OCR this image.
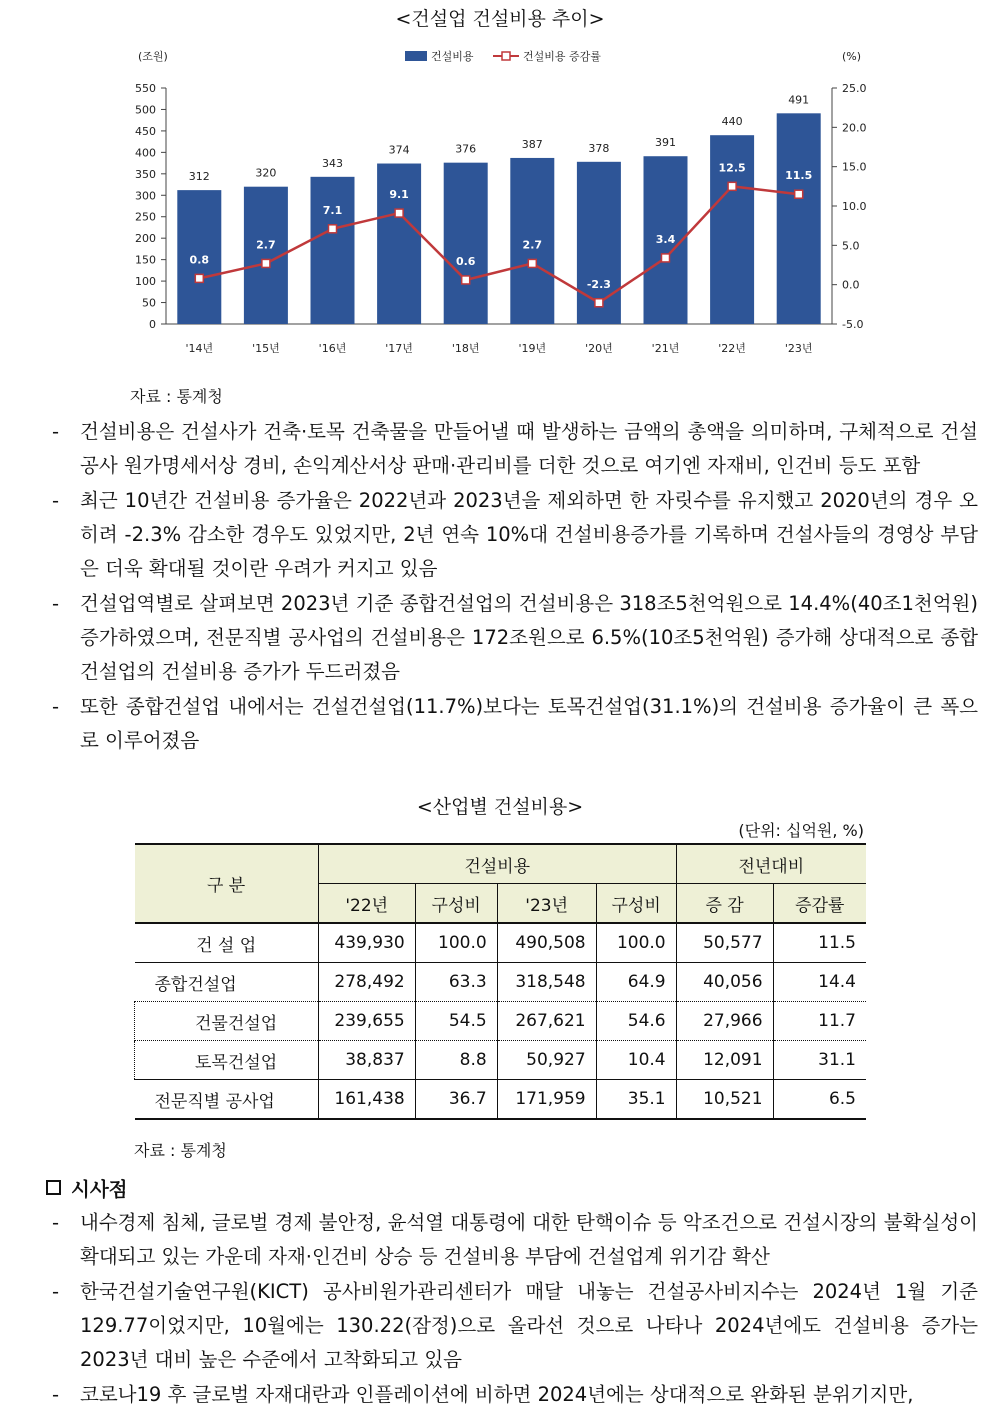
<건설업 건설비용 추이>
0
50
100
150
200
250
300
350
400
450
500
550
-5.0
0.0
5.0
10.0
15.0
20.0
25.0
(조원)	(%)
건설비용	건설비용 증감률
312
'14년
320
'15년
343
'16년
374
'17년
376
'18년
387
'19년
378
'20년
391
'21년
440
'22년
491
'23년
0.8
2.7
7.1
9.1
0.6
2.7
-2.3
3.4
12.5
11.5
자료 : 통계청

- 건설비용은 건설사가 건축·토목 건축물을 만들어낼 때 발생하는 금액의 총액을 의미하며, 구체적으로 건설공사 원가명세서상 경비, 손익계산서상 판매·관리비를 더한 것으로 여기엔 자재비, 인건비 등도 포함

- 최근 10년간 건설비용 증가율은 2022년과 2023년을 제외하면 한 자릿수를 유지했고 2020년의 경우 오히려 -2.3% 감소한 경우도 있었지만, 2년 연속 10%대 건설비용증가를 기록하며 건설사들의 경영상 부담은 더욱 확대될 것이란 우려가 커지고 있음

- 건설업역별로 살펴보면 2023년 기준 종합건설업의 건설비용은 318조5천억원으로 14.4%(40조1천억원) 증가하였으며, 전문직별 공사업의 건설비용은 172조원으로 6.5%(10조5천억원) 증가해 상대적으로 종합건설업의 건설비용 증가가 두드러졌음

- 또한 종합건설업 내에서는 건설건설업(11.7%)보다는 토목건설업(31.1%)의 건설비용 증가율이 큰 폭으로 이루어졌음

<산업별 건설비용>
(단위: 십억원, %)
구 분	건설비용				전년대비	
	'22년	구성비	'23년	구성비	증 감	증감률
건 설 업	439,930	100.0	490,508	100.0	50,577	11.5
종합건설업	278,492	63.3	318,548	64.9	40,056	14.4
건물건설업	239,655	54.5	267,621	54.6	27,966	11.7
토목건설업	38,837	8.8	50,927	10.4	12,091	31.1
전문직별 공사업	161,438	36.7	171,959	35.1	10,521	6.5
자료 : 통계청
시사점

- 내수경제 침체, 글로벌 경제 불안정, 윤석열 대통령에 대한 탄핵이슈 등 악조건으로 건설시장의 불확실성이 확대되고 있는 가운데 자재·인건비 상승 등 건설비용 부담에 건설업계 위기감 확산

- 한국건설기술연구원(KICT) 공사비원가관리센터가 매달 내놓는 건설공사비지수는 2024년 1월 기준 129.77이었지만, 10월에는 130.22(잠정)으로 올라선 것으로 나타나 2024년에도 건설비용 증가는 2023년 대비 높은 수준에서 고착화되고 있음

- 코로나19 후 글로벌 자재대란과 인플레이션에 비하면 2024년에는 상대적으로 완화된 분위기지만,
